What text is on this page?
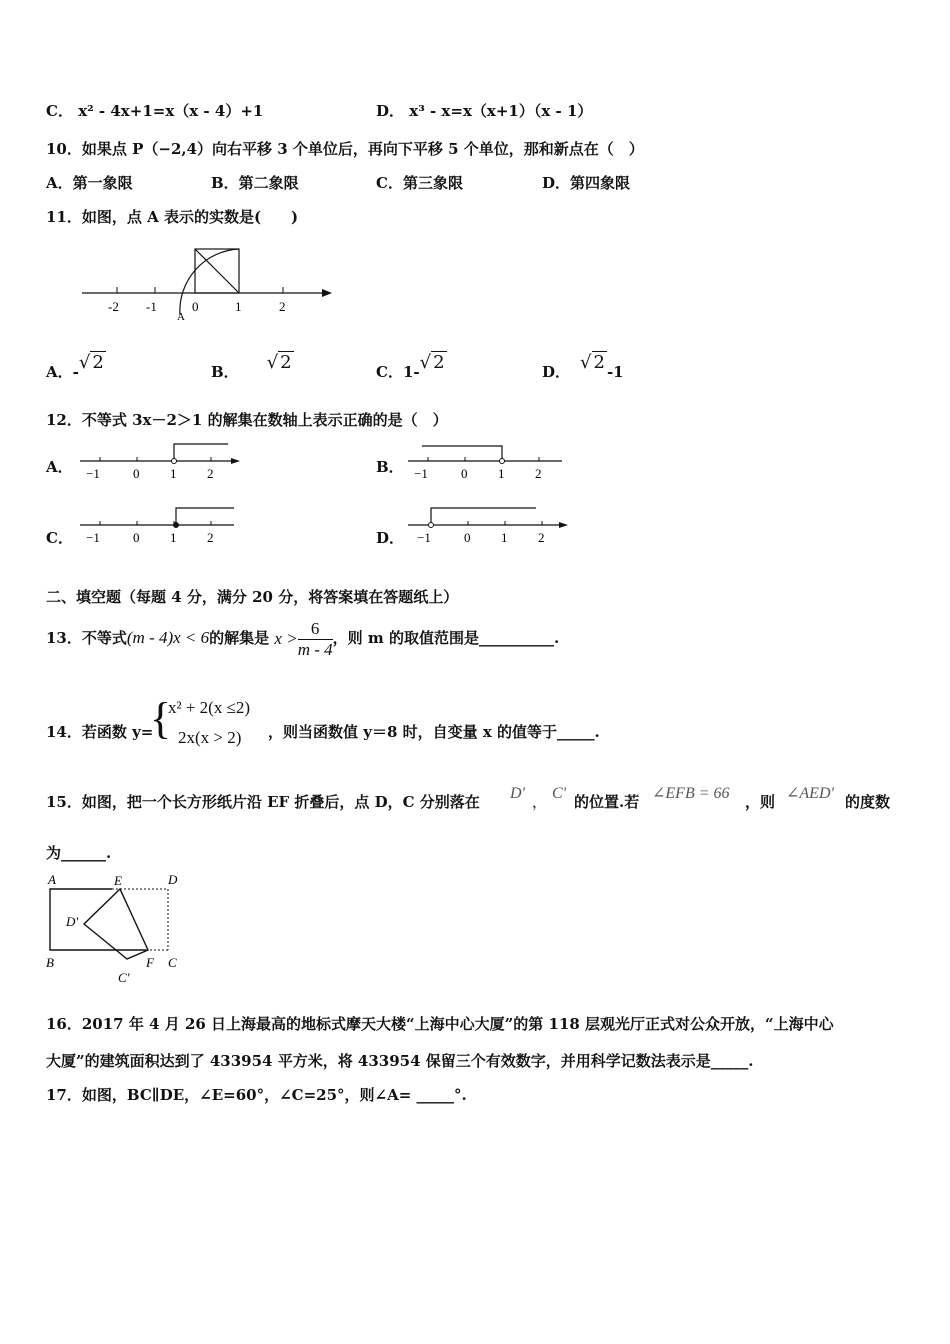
C． x² - 4x+1=x（x - 4）+1	D． x³ - x=x（x+1）（x - 1）
10．如果点 P（−2,4）向右平移 3 个单位后，再向下平移 5 个单位，那和新点在（　）
A．第一象限	B．第二象限	C．第三象限	D．第四象限
11．如图，点 A 表示的实数是(　　)
-2 -1	0	1	2
A
A．-√ 2	B． √ 2	C．1-√ 2	D． √ 2 -1
12．不等式 3x－2＞1 的解集在数轴上表示正确的是（　）
A． −1	0 1 2	B． −1	0 1 2
C． −1	0 1 2	D． −1	0 1 2
二、填空题（每题 4 分，满分 20 分，将答案填在答题纸上）
13．不等式(m - 4)x < 6的解集是 $x > \frac{6}{m - 4}$ ，则 m 的取值范围是__________.
14．若函数 y=
{
x² + 2(x ≤2)
2x(x > 2) ，则当函数值 y＝8 时，自变量 x 的值等于_____.
15．如图，把一个长方形纸片沿 EF 折叠后，点 D，C 分别落在 D' ， C' 的位置.若 ∠EFB = 66 ，则 ∠AED' 的度数
为______.
A	E	D
D'
B	F C
C'
16．2017 年 4 月 26 日上海最高的地标式摩天大楼“上海中心大厦”的第 118 层观光厅正式对公众开放，“上海中心
大厦”的建筑面积达到了 433954 平方米，将 433954 保留三个有效数字，并用科学记数法表示是_____.
17．如图，BC∥DE，∠E=60°，∠C=25°，则∠A= _____°.
